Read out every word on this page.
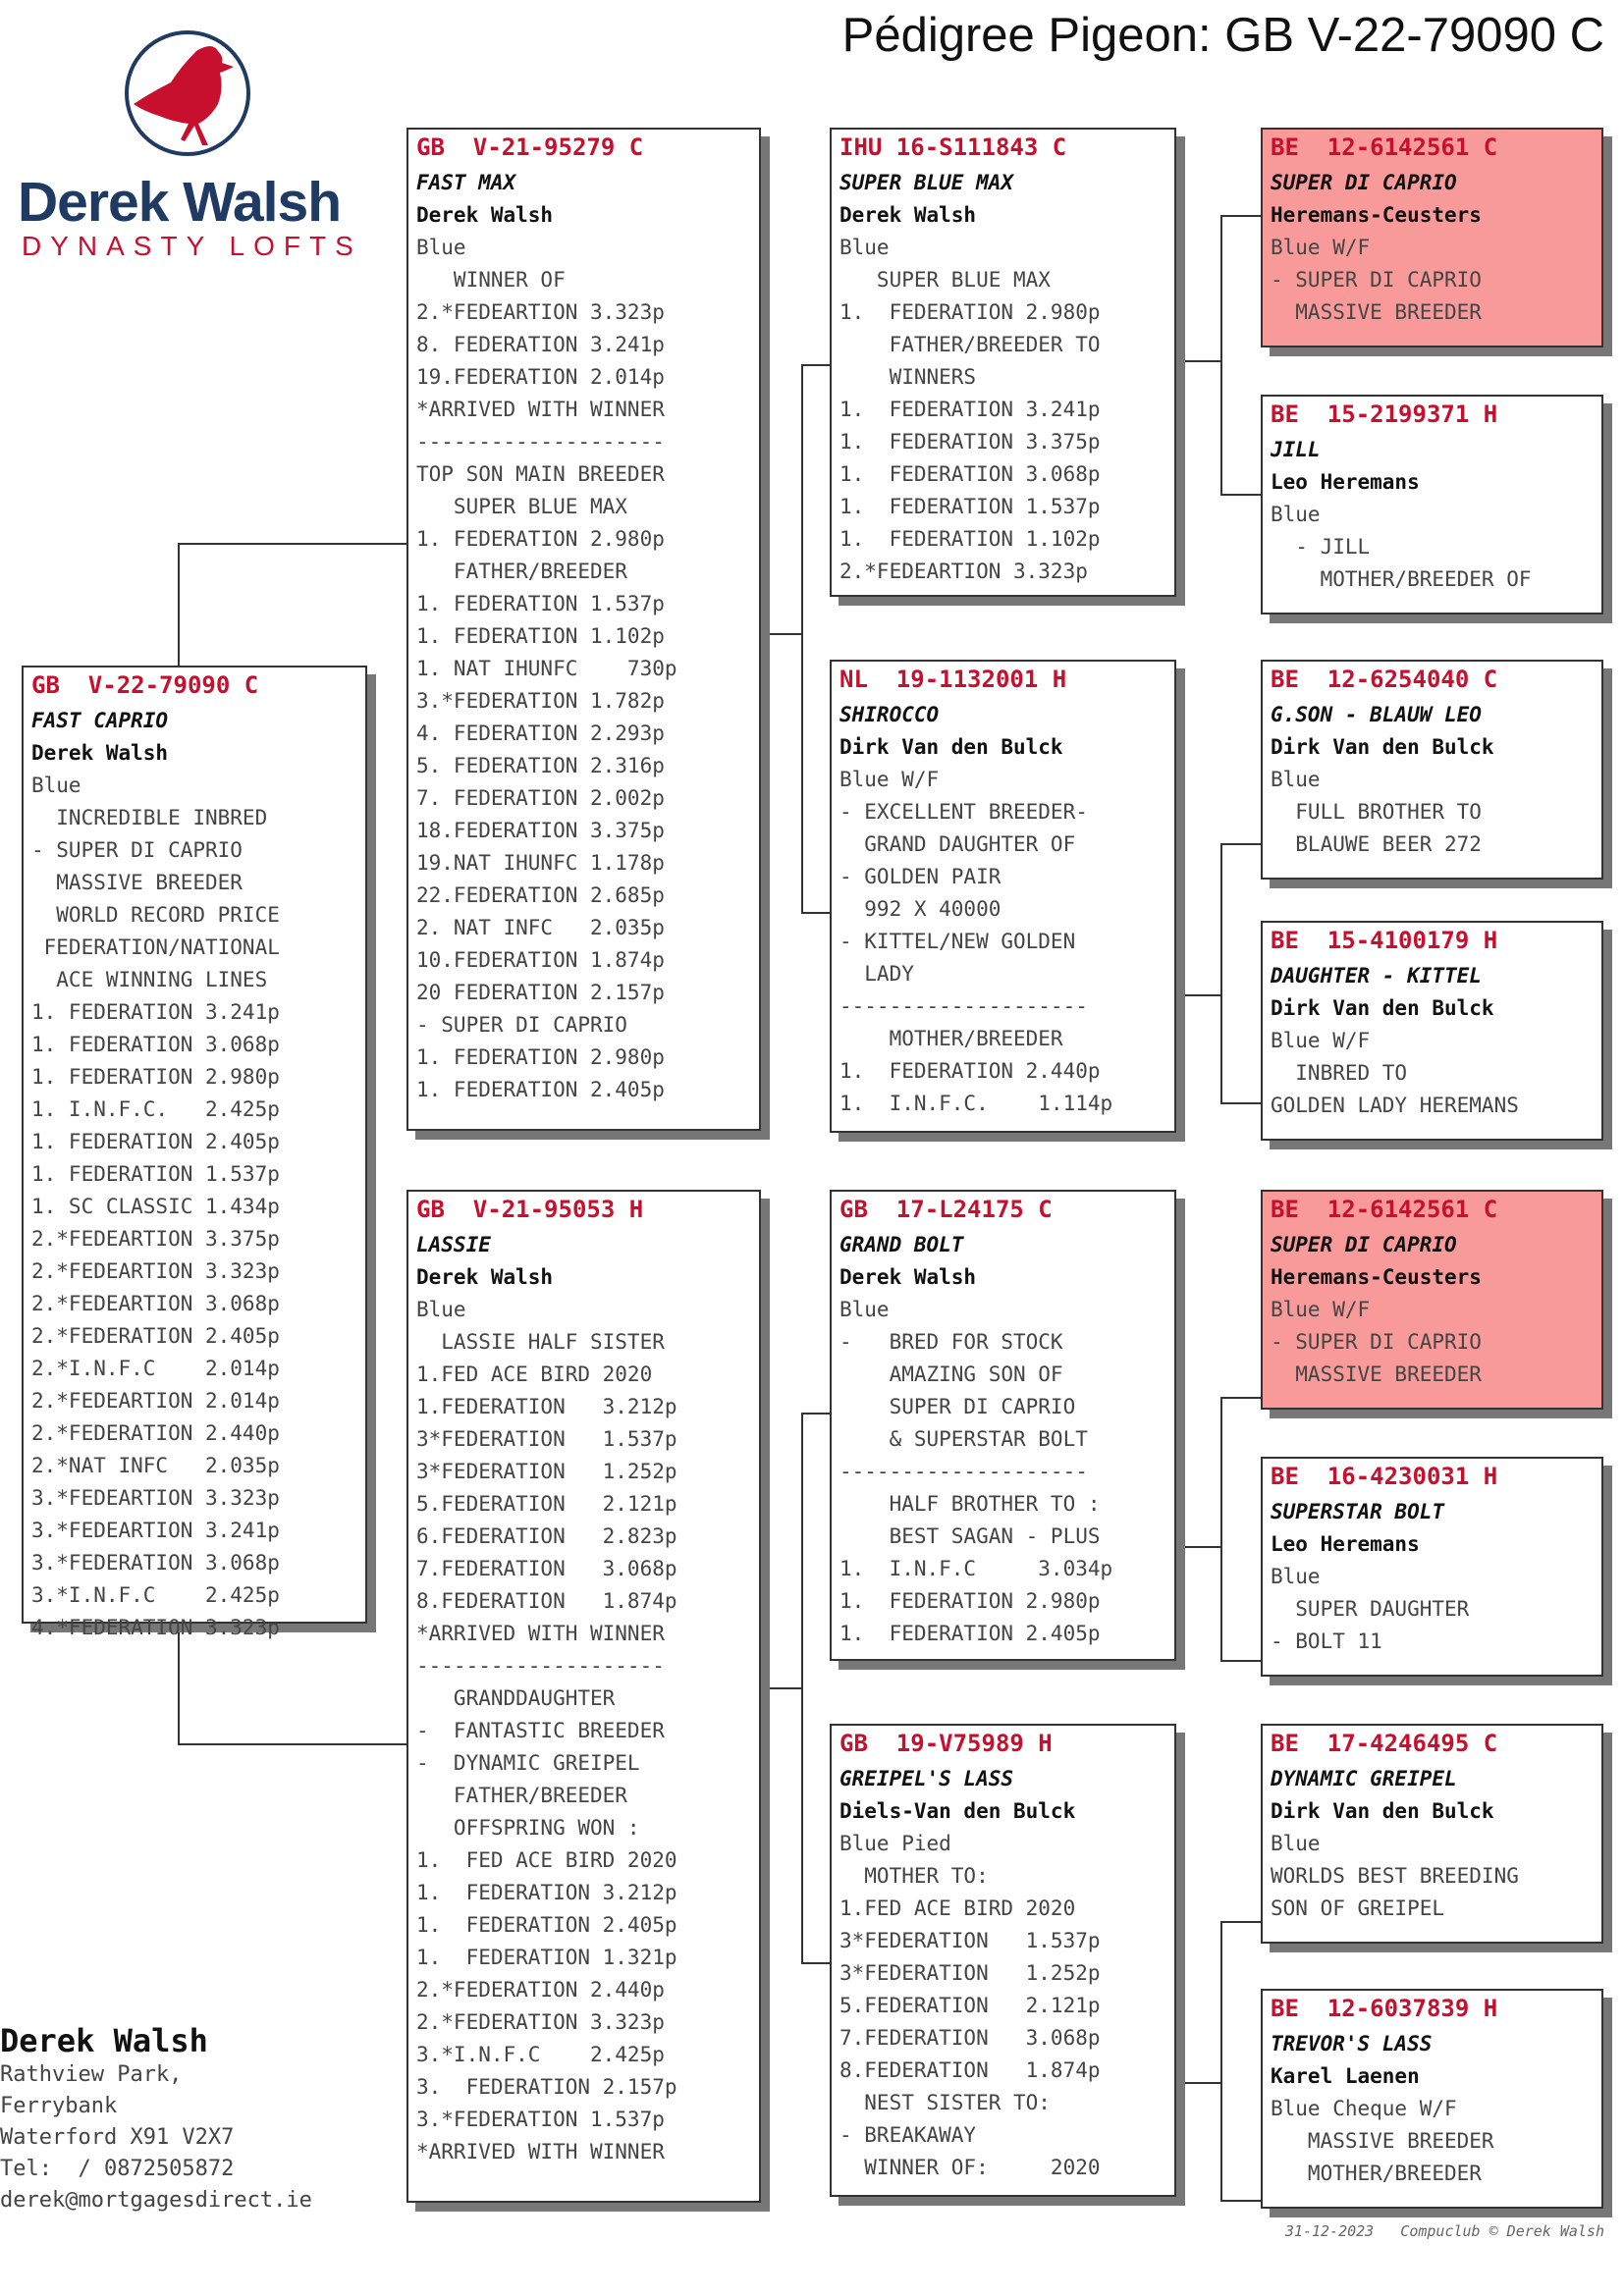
Pédigree Pigeon: GB V-22-79090 C
Derek Walsh
DYNASTY LOFTS
GB  V-22-79090 C
FAST CAPRIO
Derek Walsh
Blue
INCREDIBLE INBRED
- SUPER DI CAPRIO
MASSIVE BREEDER
WORLD RECORD PRICE
FEDERATION/NATIONAL
ACE WINNING LINES
1. FEDERATION 3.241p
1. FEDERATION 3.068p
1. FEDERATION 2.980p
1. I.N.F.C.   2.425p
1. FEDERATION 2.405p
1. FEDERATION 1.537p
1. SC CLASSIC 1.434p
2.*FEDEARTION 3.375p
2.*FEDEARTION 3.323p
2.*FEDEARTION 3.068p
2.*FEDERATION 2.405p
2.*I.N.F.C    2.014p
2.*FEDEARTION 2.014p
2.*FEDERATION 2.440p
2.*NAT INFC   2.035p
3.*FEDEARTION 3.323p
3.*FEDEARTION 3.241p
3.*FEDERATION 3.068p
3.*I.N.F.C    2.425p
4.*FEDERATION 3.323p
GB  V-21-95279 C
FAST MAX
Derek Walsh
Blue
WINNER OF
2.*FEDEARTION 3.323p
8. FEDERATION 3.241p
19.FEDERATION 2.014p
*ARRIVED WITH WINNER
--------------------
TOP SON MAIN BREEDER
SUPER BLUE MAX
1. FEDERATION 2.980p
FATHER/BREEDER
1. FEDERATION 1.537p
1. FEDERATION 1.102p
1. NAT IHUNFC    730p
3.*FEDERATION 1.782p
4. FEDERATION 2.293p
5. FEDERATION 2.316p
7. FEDERATION 2.002p
18.FEDERATION 3.375p
19.NAT IHUNFC 1.178p
22.FEDERATION 2.685p
2. NAT INFC   2.035p
10.FEDERATION 1.874p
20 FEDERATION 2.157p
- SUPER DI CAPRIO
1. FEDERATION 2.980p
1. FEDERATION 2.405p
GB  V-21-95053 H
LASSIE
Derek Walsh
Blue
LASSIE HALF SISTER
1.FED ACE BIRD 2020
1.FEDERATION   3.212p
3*FEDERATION   1.537p
3*FEDERATION   1.252p
5.FEDERATION   2.121p
6.FEDERATION   2.823p
7.FEDERATION   3.068p
8.FEDERATION   1.874p
*ARRIVED WITH WINNER
--------------------
GRANDDAUGHTER
-  FANTASTIC BREEDER
-  DYNAMIC GREIPEL
FATHER/BREEDER
OFFSPRING WON :
1.  FED ACE BIRD 2020
1.  FEDERATION 3.212p
1.  FEDERATION 2.405p
1.  FEDERATION 1.321p
2.*FEDERATION 2.440p
2.*FEDERATION 3.323p
3.*I.N.F.C    2.425p
3.  FEDERATION 2.157p
3.*FEDERATION 1.537p
*ARRIVED WITH WINNER
IHU 16-S111843 C
SUPER BLUE MAX
Derek Walsh
Blue
SUPER BLUE MAX
1.  FEDERATION 2.980p
FATHER/BREEDER TO
WINNERS
1.  FEDERATION 3.241p
1.  FEDERATION 3.375p
1.  FEDERATION 3.068p
1.  FEDERATION 1.537p
1.  FEDERATION 1.102p
2.*FEDEARTION 3.323p
NL  19-1132001 H
SHIROCCO
Dirk Van den Bulck
Blue W/F
- EXCELLENT BREEDER-
GRAND DAUGHTER OF
- GOLDEN PAIR
992 X 40000
- KITTEL/NEW GOLDEN
LADY
--------------------
MOTHER/BREEDER
1.  FEDERATION 2.440p
1.  I.N.F.C.    1.114p
GB  17-L24175 C
GRAND BOLT
Derek Walsh
Blue
-   BRED FOR STOCK
AMAZING SON OF
SUPER DI CAPRIO
& SUPERSTAR BOLT
--------------------
HALF BROTHER TO :
BEST SAGAN - PLUS
1.  I.N.F.C     3.034p
1.  FEDERATION 2.980p
1.  FEDERATION 2.405p
GB  19-V75989 H
GREIPEL'S LASS
Diels-Van den Bulck
Blue Pied
MOTHER TO:
1.FED ACE BIRD 2020
3*FEDERATION   1.537p
3*FEDERATION   1.252p
5.FEDERATION   2.121p
7.FEDERATION   3.068p
8.FEDERATION   1.874p
NEST SISTER TO:
- BREAKAWAY
WINNER OF:     2020
BE  12-6142561 C
SUPER DI CAPRIO
Heremans-Ceusters
Blue W/F
- SUPER DI CAPRIO
MASSIVE BREEDER
BE  15-2199371 H
JILL
Leo Heremans
Blue
- JILL
MOTHER/BREEDER OF
BE  12-6254040 C
G.SON - BLAUW LEO
Dirk Van den Bulck
Blue
FULL BROTHER TO
BLAUWE BEER 272
BE  15-4100179 H
DAUGHTER - KITTEL
Dirk Van den Bulck
Blue W/F
INBRED TO
GOLDEN LADY HEREMANS
BE  12-6142561 C
SUPER DI CAPRIO
Heremans-Ceusters
Blue W/F
- SUPER DI CAPRIO
MASSIVE BREEDER
BE  16-4230031 H
SUPERSTAR BOLT
Leo Heremans
Blue
SUPER DAUGHTER
- BOLT 11
BE  17-4246495 C
DYNAMIC GREIPEL
Dirk Van den Bulck
Blue
WORLDS BEST BREEDING
SON OF GREIPEL
BE  12-6037839 H
TREVOR'S LASS
Karel Laenen
Blue Cheque W/F
MASSIVE BREEDER
MOTHER/BREEDER
Derek Walsh
Rathview Park,
Ferrybank
Waterford X91 V2X7
Tel:  / 0872505872
derek@mortgagesdirect.ie
31-12-2023   Compuclub © Derek Walsh
